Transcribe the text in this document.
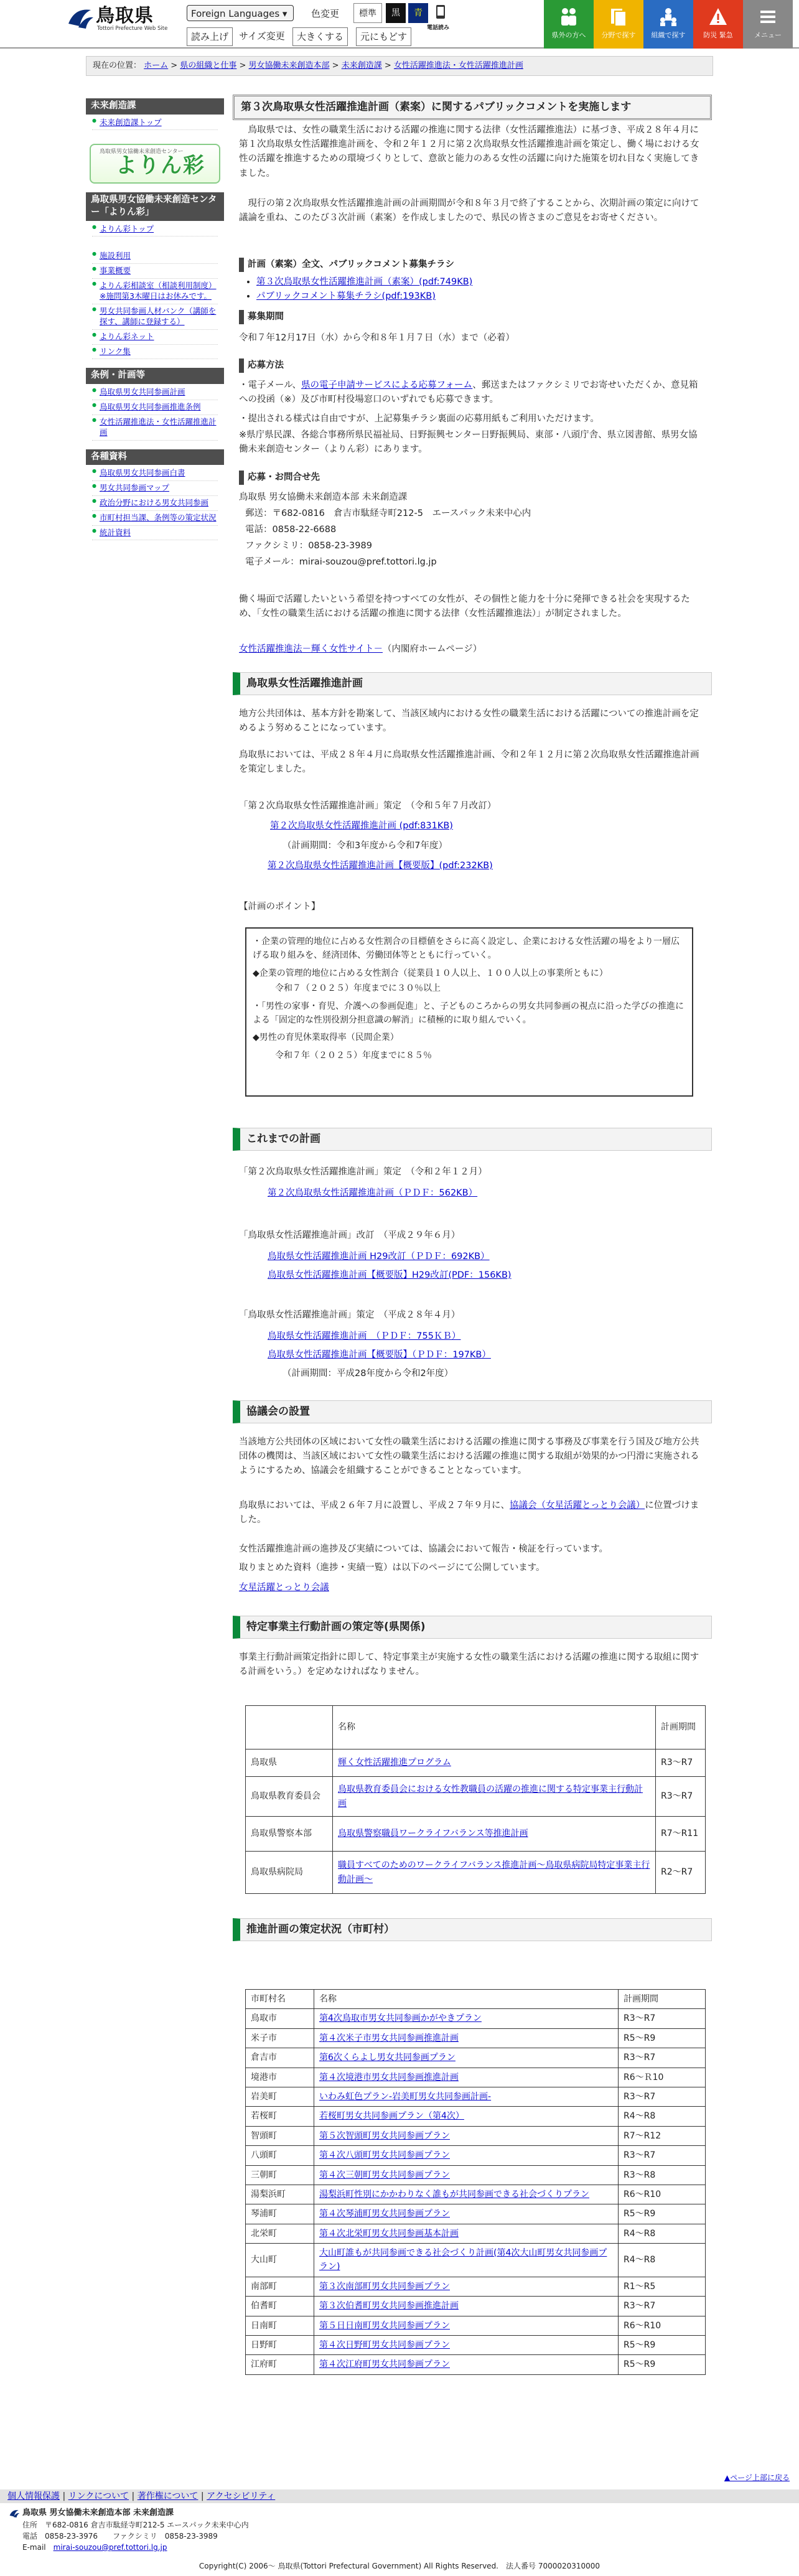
鳥取県
Tottori Prefecture Web Site
Foreign Languages ▾	色変更	標準	黒	青
電話読み
読み上げ	サイズ変更	大きくする	元にもどす	県外の方へ	分野で探す	組織で探す	防災 緊急	メニュー
現在の位置： ホーム > 県の組織と仕事 > 男女協働未来創造本部 > 未来創造課 > 女性活躍推進法・女性活躍推進計画
未来創造課
● 未来創造課トップ
鳥取県男女協働未来創造センター
よりん彩
鳥取県男女協働未来創造センター「よりん彩」
● よりん彩トップ
● 施設利用
● 事業概要
● よりん彩相談室（相談利用制度）※施問第3木曜日はお休みです。
● 男女共同参画人材バンク（講師を探す、講師に登録する）
● よりん彩ネット
● リンク集
条例・計画等
● 鳥取県男女共同参画計画
● 鳥取県男女共同参画推進条例
● 女性活躍推進法・女性活躍推進計画
各種資料
● 鳥取県男女共同参画白書
● 男女共同参画マップ
● 政治分野における男女共同参画
● 市町村担当課、条例等の策定状況
● 統計資料
第３次鳥取県女性活躍推進計画（素案）に関するパブリックコメントを実施します
鳥取県では、女性の職業生活における活躍の推進に関する法律（女性活躍推進法）に基づき、平成２８年４月に第１次鳥取県女性活躍推進計画を、令和２年１２月に第２次鳥取県女性活躍推進計画を策定し、働く場における女性の活躍を推進するための環境づくりとして、意欲と能力のある女性の活躍に向けた施策を切れ目なく実施してきました。
現行の第２次鳥取県女性活躍推進計画の計画期間が令和８年３月で終了することから、次期計画の策定に向けて議論を重ね、このたび３次計画（素案）を作成しましたので、県民の皆さまのご意見をお寄せください。
計画（素案）全文、パブリックコメント募集チラシ
• 第３次鳥取県女性活躍推進計画（素案）(pdf:749KB)
• パブリックコメント募集チラシ(pdf:193KB)
募集期間
令和７年12月17日（水）から令和８年１月７日（水）まで（必着）
応募方法
・電子メール、県の電子申請サービスによる応募フォーム、郵送またはファクシミリでお寄せいただくか、意見箱への投函（※）及び市町村役場窓口のいずれでも応募できます。
・提出される様式は自由ですが、上記募集チラシ裏面の応募用紙もご利用いただけます。
※県庁県民課、各総合事務所県民福祉局、日野振興センター日野振興局、東部・八頭庁舎、県立図書館、県男女協働未来創造センター（よりん彩）にあります。
応募・お問合せ先
鳥取県 男女協働未来創造本部 未来創造課
郵送：〒682-0816　倉吉市駄経寺町212-5　エースパック未来中心内
電話：0858-22-6688
ファクシミリ：0858-23-3989
電子メール：mirai-souzou@pref.tottori.lg.jp
働く場面で活躍したいという希望を持つすべての女性が、その個性と能力を十分に発揮できる社会を実現するため、「女性の職業生活における活躍の推進に関する法律（女性活躍推進法）」が制定されました。
女性活躍推進法－輝く女性サイト－（内閣府ホームページ）
鳥取県女性活躍推進計画
地方公共団体は、基本方針を勘案して、当該区域内における女性の職業生活における活躍についての推進計画を定めるよう努めることになっています。
鳥取県においては、平成２８年４月に鳥取県女性活躍推進計画、令和２年１２月に第２次鳥取県女性活躍推進計画を策定しました。
「第２次鳥取県女性活躍推進計画」策定　（令和５年７月改訂）
第２次鳥取県女性活躍推進計画 (pdf:831KB)
（計画期間：令和3年度から令和7年度）
第２次鳥取県女性活躍推進計画【概要版】(pdf:232KB)
【計画のポイント】
・企業の管理的地位に占める女性割合の目標値をさらに高く設定し、企業における女性活躍の場をより一層広げる取り組みを、経済団体、労働団体等とともに行っていく。
◆企業の管理的地位に占める女性割合（従業員１０人以上、１００人以上の事業所ともに）
令和７（２０２５）年度までに３０％以上
・「男性の家事・育児、介護への参画促進」と、子どものころからの男女共同参画の視点に沿った学びの推進による「固定的な性別役割分担意識の解消」に積極的に取り組んでいく。
◆男性の育児休業取得率（民間企業）
令和７年（２０２５）年度までに８５％
これまでの計画
「第２次鳥取県女性活躍推進計画」策定　（令和２年１２月）
第２次鳥取県女性活躍推進計画（ＰＤＦ：562KB）
「鳥取県女性活躍推進計画」改訂　（平成２９年６月）
鳥取県女性活躍推進計画 H29改訂（ＰＤＦ：692KB）
鳥取県女性活躍推進計画【概要版】H29改訂(PDF：156KB)
「鳥取県女性活躍推進計画」策定　（平成２８年４月）
鳥取県女性活躍推進計画　（ＰＤＦ：755ＫＢ）
鳥取県女性活躍推進計画【概要版】（ＰＤＦ：197KB）
（計画期間：平成28年度から令和2年度）
協議会の設置
当該地方公共団体の区域において女性の職業生活における活躍の推進に関する事務及び事業を行う国及び地方公共団体の機関は、当該区域において女性の職業生活における活躍の推進に関する取組が効果的かつ円滑に実施されるようにするため、協議会を組織することができることとなっています。
鳥取県においては、平成２６年７月に設置し、平成２７年９月に、協議会（女星活躍とっとり会議）に位置づけました。
女性活躍推進計画の進捗及び実績については、協議会において報告・検証を行っています。
取りまとめた資料（進捗・実績一覧）は以下のページにて公開しています。
女星活躍とっとり会議
特定事業主行動計画の策定等(県関係)
事業主行動計画策定指針に即して、特定事業主が実施する女性の職業生活における活躍の推進に関する取組に関する計画をいう。）を定めなければなりません。
	名称	計画期間
鳥取県	輝く女性活躍推進プログラム	R3〜R7
鳥取県教育委員会	鳥取県教育委員会における女性教職員の活躍の推進に関する特定事業主行動計画	R3〜R7
鳥取県警察本部	鳥取県警察職員ワークライフバランス等推進計画	R7〜R11
鳥取県病院局	職員すべてのためのワークライフバランス推進計画～鳥取県病院局特定事業主行動計画～	R2〜R7
推進計画の策定状況（市町村）
市町村名	名称	計画期間
鳥取市	第4次鳥取市男女共同参画かがやきプラン	R3〜R7
米子市	第４次米子市男女共同参画推進計画	R5〜R9
倉吉市	第6次くらよし男女共同参画プラン	R3〜R7
境港市	第４次境港市男女共同参画推進計画	R6〜Ｒ10
岩美町	いわみ虹色プラン-岩美町男女共同参画計画-	R3〜R7
若桜町	若桜町男女共同参画プラン（第4次）	R4〜R8
智頭町	第５次智頭町男女共同参画プラン	R7〜R12
八頭町	第４次八頭町男女共同参画プラン	R3〜R7
三朝町	第４次三朝町男女共同参画プラン	R3〜R8
湯梨浜町	湯梨浜町性別にかかわりなく誰もが共同参画できる社会づくりプラン	R6〜R10
琴浦町	第４次琴浦町男女共同参画プラン	R5〜R9
北栄町	第４次北栄町男女共同参画基本計画	R4〜R8
大山町	大山町誰もが共同参画できる社会づくり計画(第4次大山町男女共同参画プラン)	R4〜R8
南部町	第３次南部町男女共同参画プラン	R1〜R5
伯耆町	第３次伯耆町男女共同参画推進計画	R3〜R7
日南町	第５日日南町男女共同参画プラン	R6〜R10
日野町	第４次日野町男女共同参画プラン	R5〜R9
江府町	第４次江府町男女共同参画プラン	R5〜R9
▲ページ上部に戻る
個人情報保護 | リンクについて | 著作権について | アクセシビリティ
鳥取県 男女協働未来創造本部 未来創造課
住所　〒682-0816 倉吉市駄経寺町212-5 エースパック未来中心内
電話　0858-23-3976　　ファクシミリ　0858-23-3989
E-mail　mirai-souzou@pref.tottori.lg.jp
Copyright(C) 2006～ 鳥取県(Tottori Prefectural Government) All Rights Reserved.　法人番号 7000020310000
